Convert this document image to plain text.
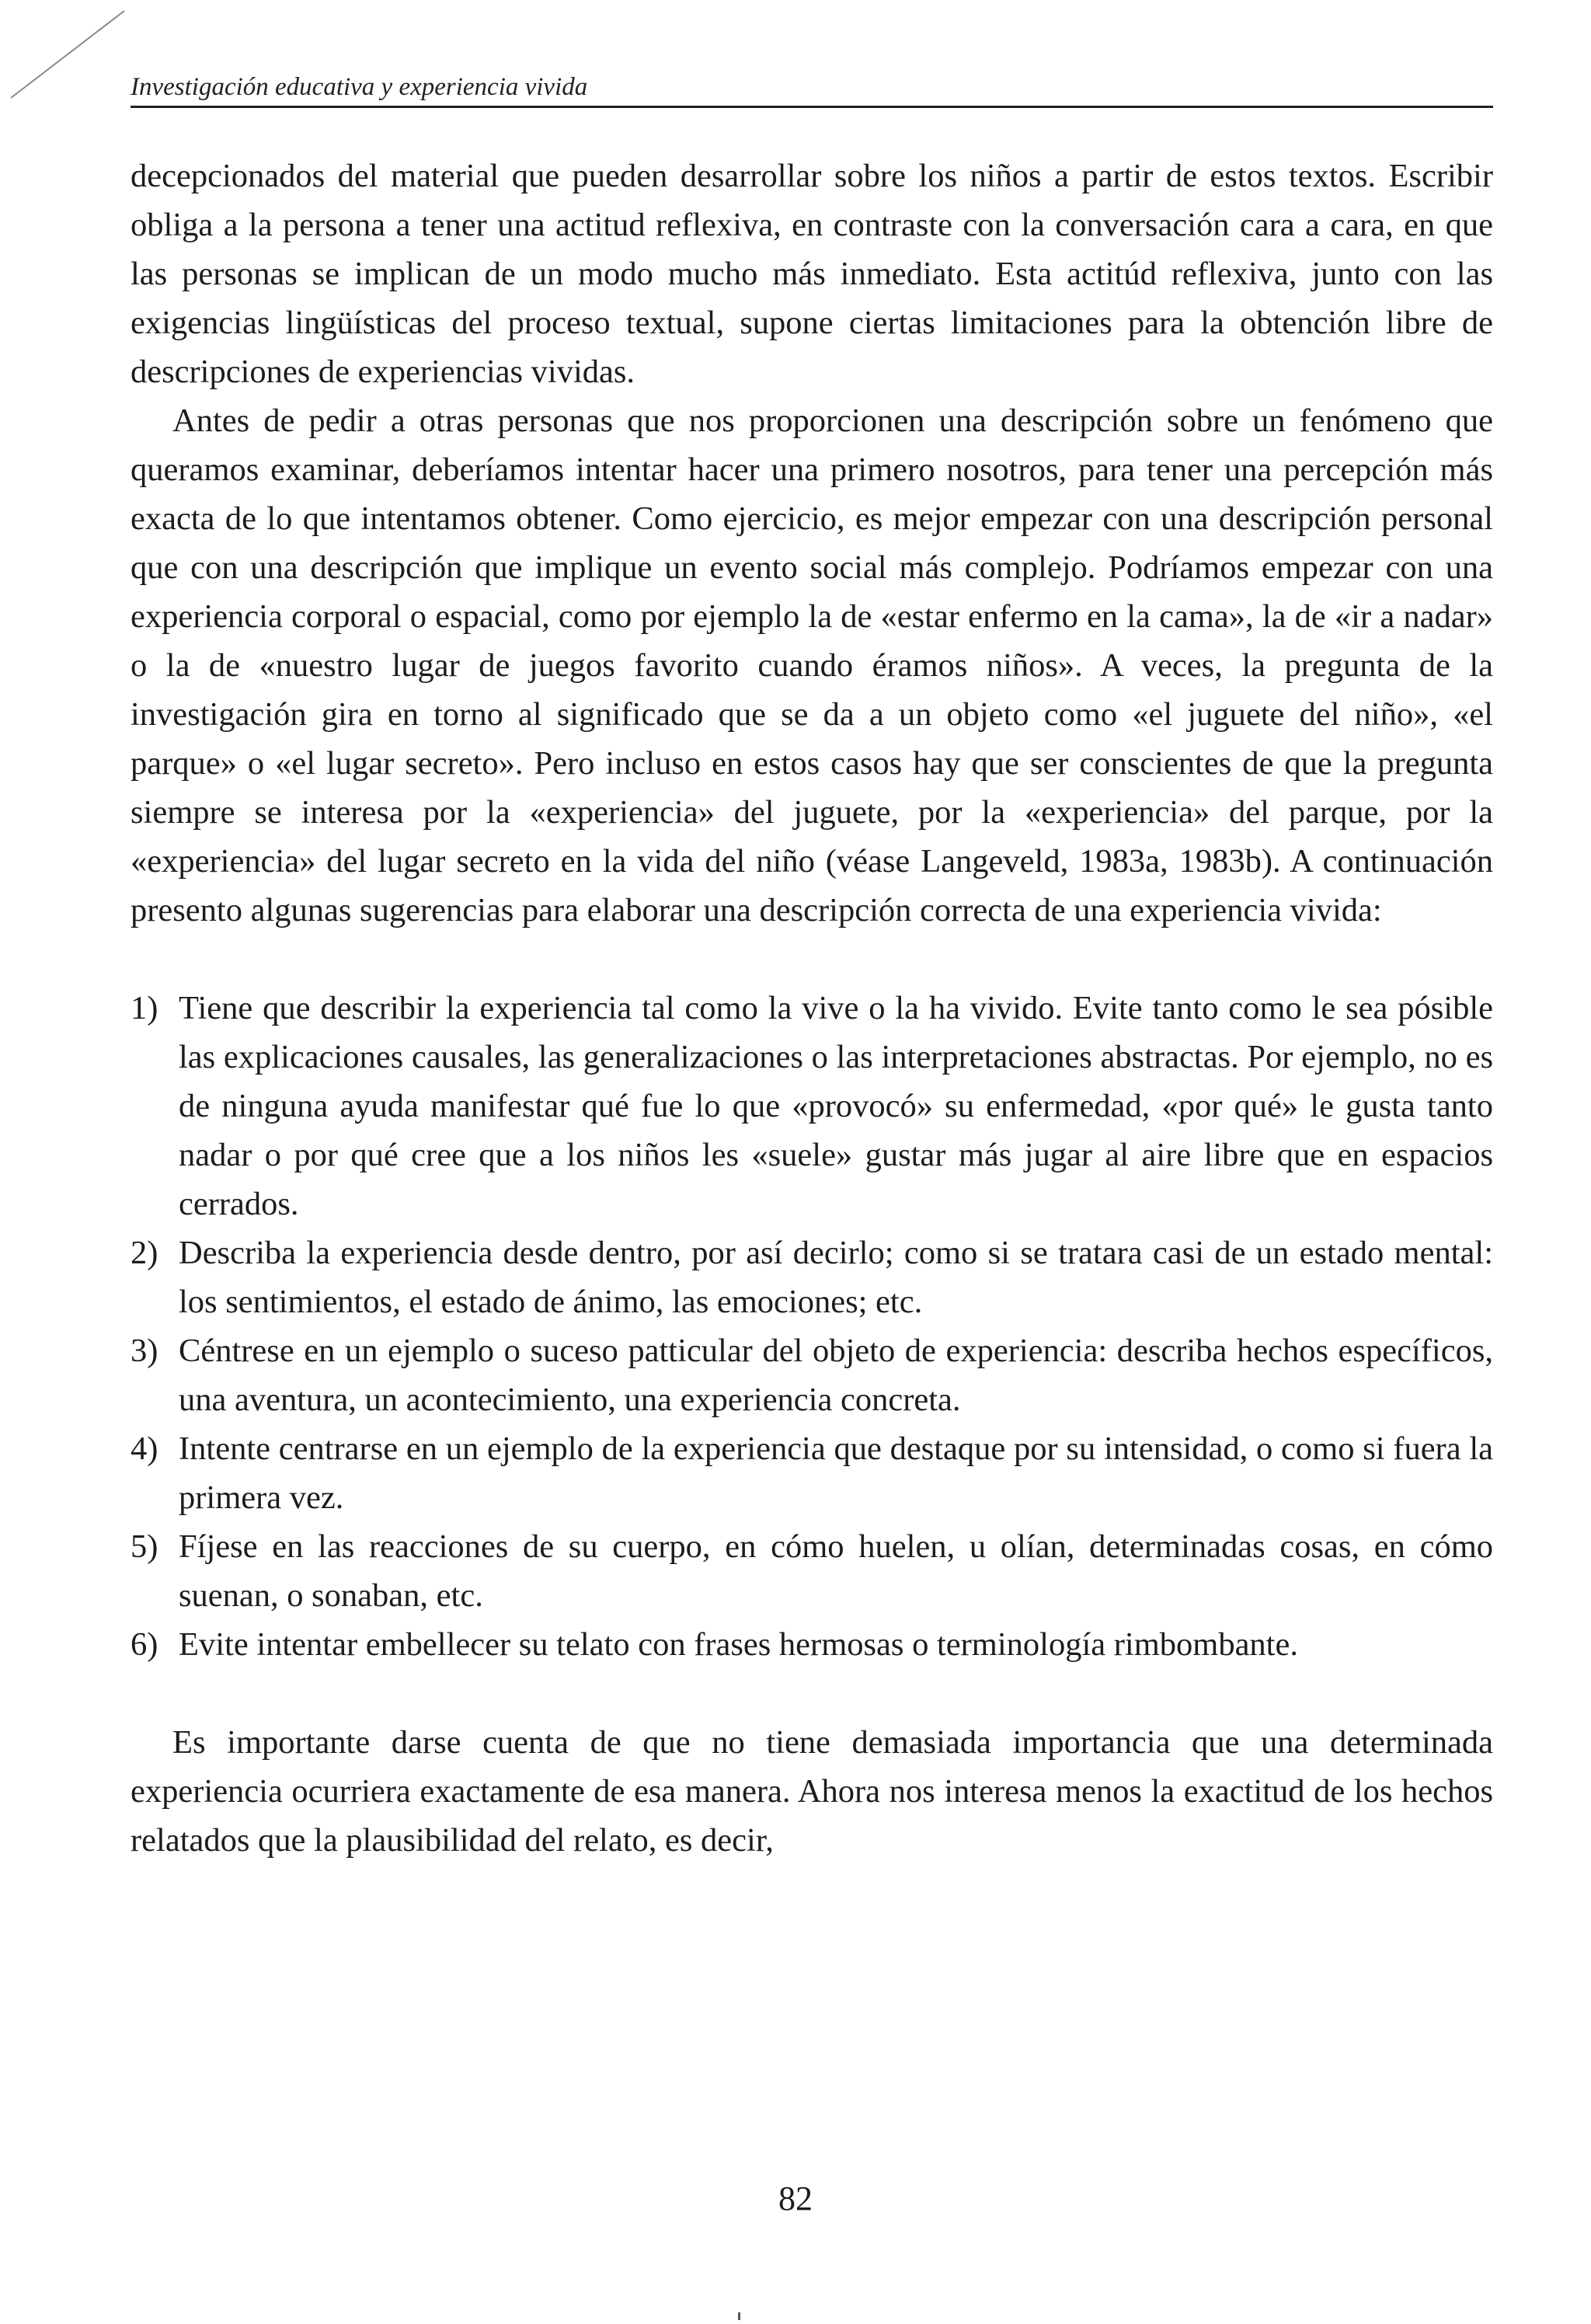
Investigación educativa y experiencia vivida

decepcionados del material que pueden desarrollar sobre los niños a partir de estos textos. Escribir obliga a la persona a tener una actitud reflexiva, en contraste con la conversación cara a cara, en que las personas se implican de un modo mucho más inmediato. Esta actitúd reflexiva, junto con las exigencias lingüísticas del proceso textual, supone ciertas limitaciones para la obtención libre de descripciones de experiencias vividas.

Antes de pedir a otras personas que nos proporcionen una descripción sobre un fenómeno que queramos examinar, deberíamos intentar hacer una primero nosotros, para tener una percepción más exacta de lo que intentamos obtener. Como ejercicio, es mejor empezar con una descripción personal que con una descripción que implique un evento social más complejo. Podríamos empezar con una experiencia corporal o espacial, como por ejemplo la de «estar enfermo en la cama», la de «ir a nadar» o la de «nuestro lugar de juegos favorito cuando éramos niños». A veces, la pregunta de la investigación gira en torno al significado que se da a un objeto como «el juguete del niño», «el parque» o «el lugar secreto». Pero incluso en estos casos hay que ser conscientes de que la pregunta siempre se interesa por la «experiencia» del juguete, por la «experiencia» del parque, por la «experiencia» del lugar secreto en la vida del niño (véase Langeveld, 1983a, 1983b). A continuación presento algunas sugerencias para elaborar una descripción correcta de una experiencia vivida:

1) Tiene que describir la experiencia tal como la vive o la ha vivido. Evite tanto como le sea pósible las explicaciones causales, las generalizaciones o las interpretaciones abstractas. Por ejemplo, no es de ninguna ayuda manifestar qué fue lo que «provocó» su enfermedad, «por qué» le gusta tanto nadar o por qué cree que a los niños les «suele» gustar más jugar al aire libre que en espacios cerrados.
2) Describa la experiencia desde dentro, por así decirlo; como si se tratara casi de un estado mental: los sentimientos, el estado de ánimo, las emociones; etc.
3) Céntrese en un ejemplo o suceso patticular del objeto de experiencia: describa hechos específicos, una aventura, un acontecimiento, una experiencia concreta.
4) Intente centrarse en un ejemplo de la experiencia que destaque por su intensidad, o como si fuera la primera vez.
5) Fíjese en las reacciones de su cuerpo, en cómo huelen, u olían, determinadas cosas, en cómo suenan, o sonaban, etc.
6) Evite intentar embellecer su telato con frases hermosas o terminología rimbombante.

Es importante darse cuenta de que no tiene demasiada importancia que una determinada experiencia ocurriera exactamente de esa manera. Ahora nos interesa menos la exactitud de los hechos relatados que la plausibilidad del relato, es decir,

82
